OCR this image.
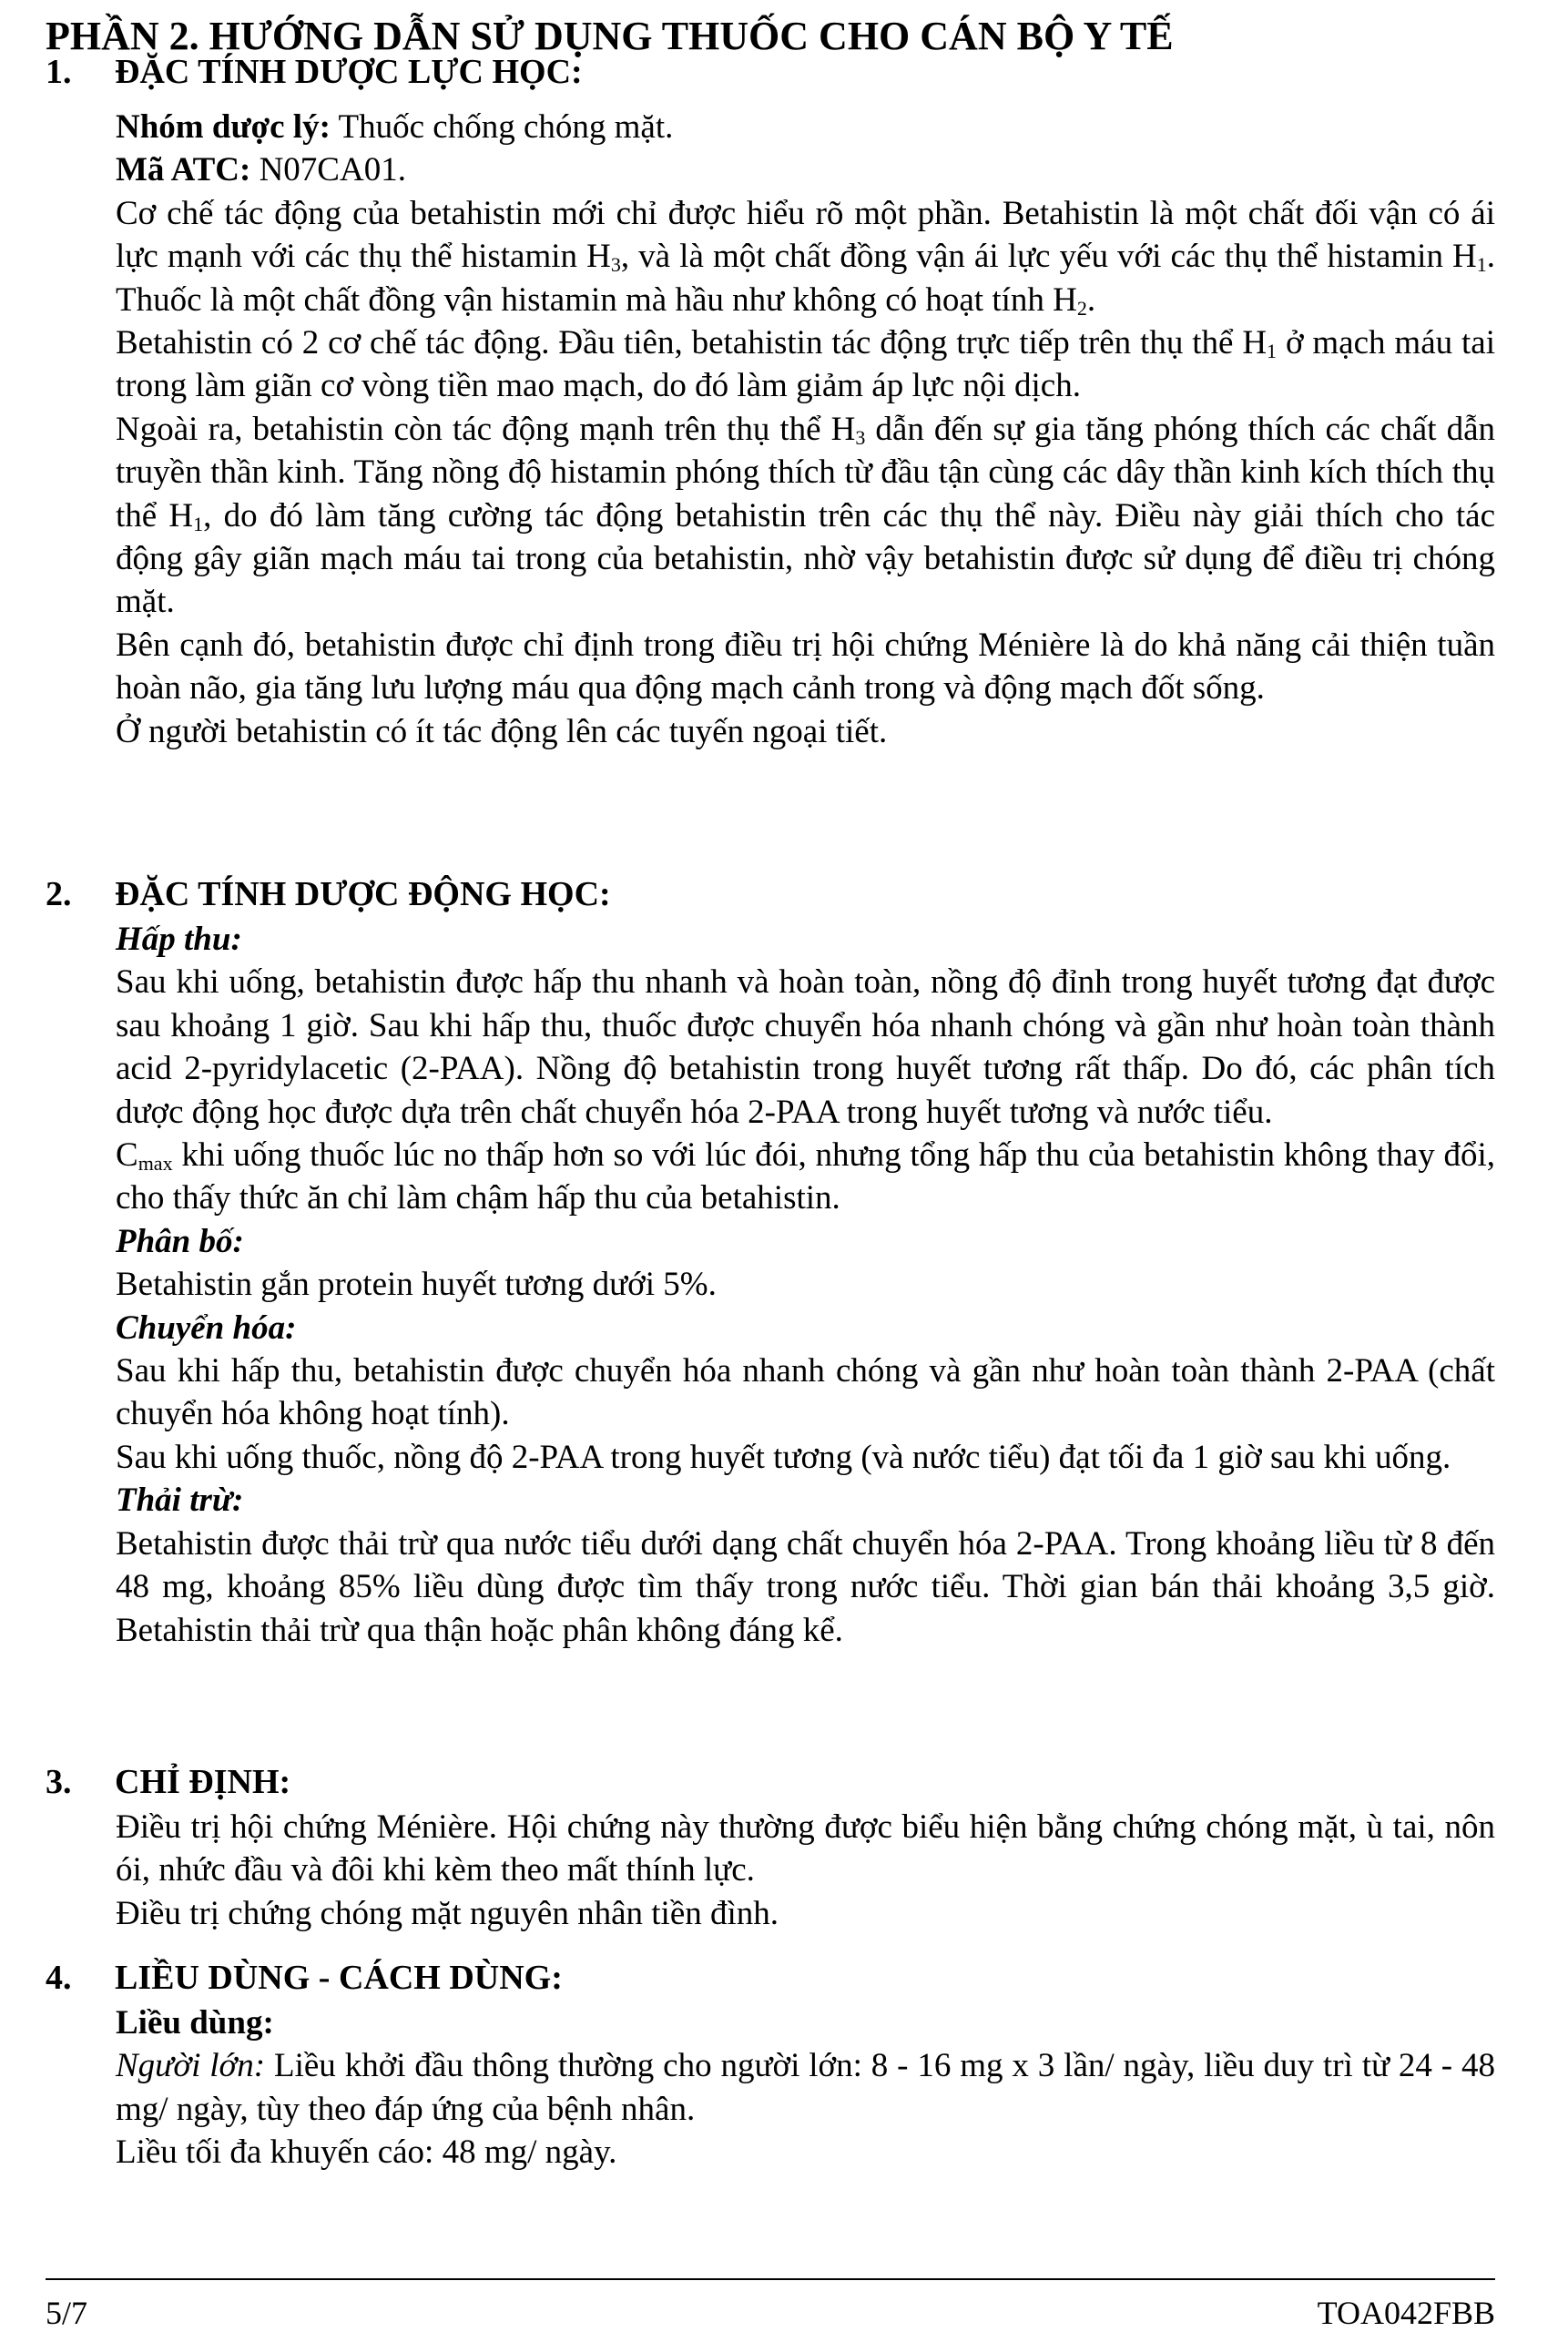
PHẦN 2. HƯỚNG DẪN SỬ DỤNG THUỐC CHO CÁN BỘ Y TẾ
1. ĐẶC TÍNH DƯỢC LỰC HỌC:

Nhóm dược lý: Thuốc chống chóng mặt.

Mã ATC: N07CA01.

Cơ chế tác động của betahistin mới chỉ được hiểu rõ một phần. Betahistin là một chất đối vận có ái lực mạnh với các thụ thể histamin $H_3$, và là một chất đồng vận ái lực yếu với các thụ thể histamin $H_1$. Thuốc là một chất đồng vận histamin mà hầu như không có hoạt tính $H_2$.

Betahistin có 2 cơ chế tác động. Đầu tiên, betahistin tác động trực tiếp trên thụ thể $H_1$ ở mạch máu tai trong làm giãn cơ vòng tiền mao mạch, do đó làm giảm áp lực nội dịch.

Ngoài ra, betahistin còn tác động mạnh trên thụ thể $H_3$ dẫn đến sự gia tăng phóng thích các chất dẫn truyền thần kinh. Tăng nồng độ histamin phóng thích từ đầu tận cùng các dây thần kinh kích thích thụ thể $H_1$, do đó làm tăng cường tác động betahistin trên các thụ thể này. Điều này giải thích cho tác động gây giãn mạch máu tai trong của betahistin, nhờ vậy betahistin được sử dụng để điều trị chóng mặt.

Bên cạnh đó, betahistin được chỉ định trong điều trị hội chứng Ménière là do khả năng cải thiện tuần hoàn não, gia tăng lưu lượng máu qua động mạch cảnh trong và động mạch đốt sống.

Ở người betahistin có ít tác động lên các tuyến ngoại tiết.

2. ĐẶC TÍNH DƯỢC ĐỘNG HỌC:

Hấp thu:

Sau khi uống, betahistin được hấp thu nhanh và hoàn toàn, nồng độ đỉnh trong huyết tương đạt được sau khoảng 1 giờ. Sau khi hấp thu, thuốc được chuyển hóa nhanh chóng và gần như hoàn toàn thành acid 2-pyridylacetic (2-PAA). Nồng độ betahistin trong huyết tương rất thấp. Do đó, các phân tích dược động học được dựa trên chất chuyển hóa 2-PAA trong huyết tương và nước tiểu.

$C_{max}$ khi uống thuốc lúc no thấp hơn so với lúc đói, nhưng tổng hấp thu của betahistin không thay đổi, cho thấy thức ăn chỉ làm chậm hấp thu của betahistin.

Phân bố:

Betahistin gắn protein huyết tương dưới 5%.

Chuyển hóa:

Sau khi hấp thu, betahistin được chuyển hóa nhanh chóng và gần như hoàn toàn thành 2-PAA (chất chuyển hóa không hoạt tính).

Sau khi uống thuốc, nồng độ 2-PAA trong huyết tương (và nước tiểu) đạt tối đa 1 giờ sau khi uống.

Thải trừ:

Betahistin được thải trừ qua nước tiểu dưới dạng chất chuyển hóa 2-PAA. Trong khoảng liều từ 8 đến 48 mg, khoảng 85% liều dùng được tìm thấy trong nước tiểu. Thời gian bán thải khoảng 3,5 giờ. Betahistin thải trừ qua thận hoặc phân không đáng kể.

3. CHỈ ĐỊNH:

Điều trị hội chứng Ménière. Hội chứng này thường được biểu hiện bằng chứng chóng mặt, ù tai, nôn ói, nhức đầu và đôi khi kèm theo mất thính lực.

Điều trị chứng chóng mặt nguyên nhân tiền đình.

4. LIỀU DÙNG - CÁCH DÙNG:

Liều dùng:

Người lớn: Liều khởi đầu thông thường cho người lớn: 8 - 16 mg x 3 lần/ ngày, liều duy trì từ 24 - 48 mg/ ngày, tùy theo đáp ứng của bệnh nhân.

Liều tối đa khuyến cáo: 48 mg/ ngày.

5/7	TOA042FBB
